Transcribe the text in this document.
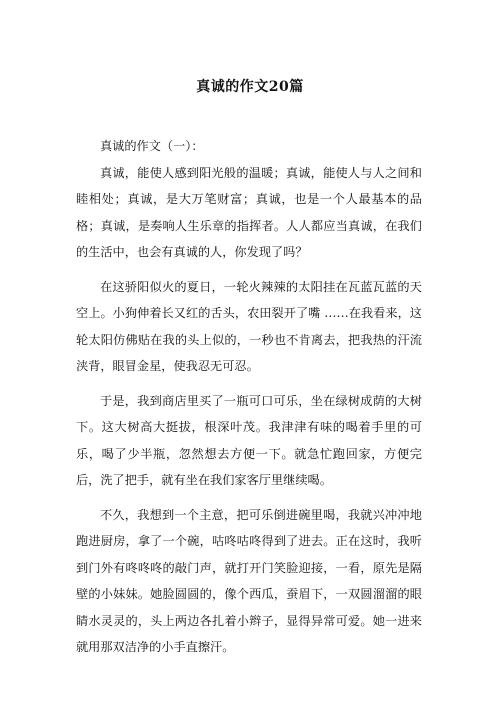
真诚的作文20篇

真诚的作文（一）：

真诚，能使人感到阳光般的温暖；真诚，能使人与人之间和睦相处；真诚，是大万笔财富；真诚，也是一个人最基本的品格；真诚，是奏响人生乐章的指挥者。人人都应当真诚，在我们的生活中，也会有真诚的人，你发现了吗？

在这骄阳似火的夏日，一轮火辣辣的太阳挂在瓦蓝瓦蓝的天空上。小狗伸着长又红的舌头，农田裂开了嘴 ……在我看来，这轮太阳仿佛贴在我的头上似的，一秒也不肯离去，把我热的汗流浃背，眼冒金星，使我忍无可忍。

于是，我到商店里买了一瓶可口可乐，坐在绿树成荫的大树下。这大树高大挺拔，根深叶茂。我津津有味的喝着手里的可乐，喝了少半瓶，忽然想去方便一下。就急忙跑回家，方便完后，洗了把手，就有坐在我们家客厅里继续喝。

不久，我想到一个主意，把可乐倒进碗里喝，我就兴冲冲地跑进厨房，拿了一个碗，咕咚咕咚得到了进去。正在这时，我听到门外有咚咚咚的敲门声，就打开门笑脸迎接，一看，原先是隔壁的小妹妹。她脸圆圆的，像个西瓜，蚕眉下，一双圆溜溜的眼睛水灵灵的，头上两边各扎着小辫子，显得异常可爱。她一进来就用那双洁净的小手直擦汗。
